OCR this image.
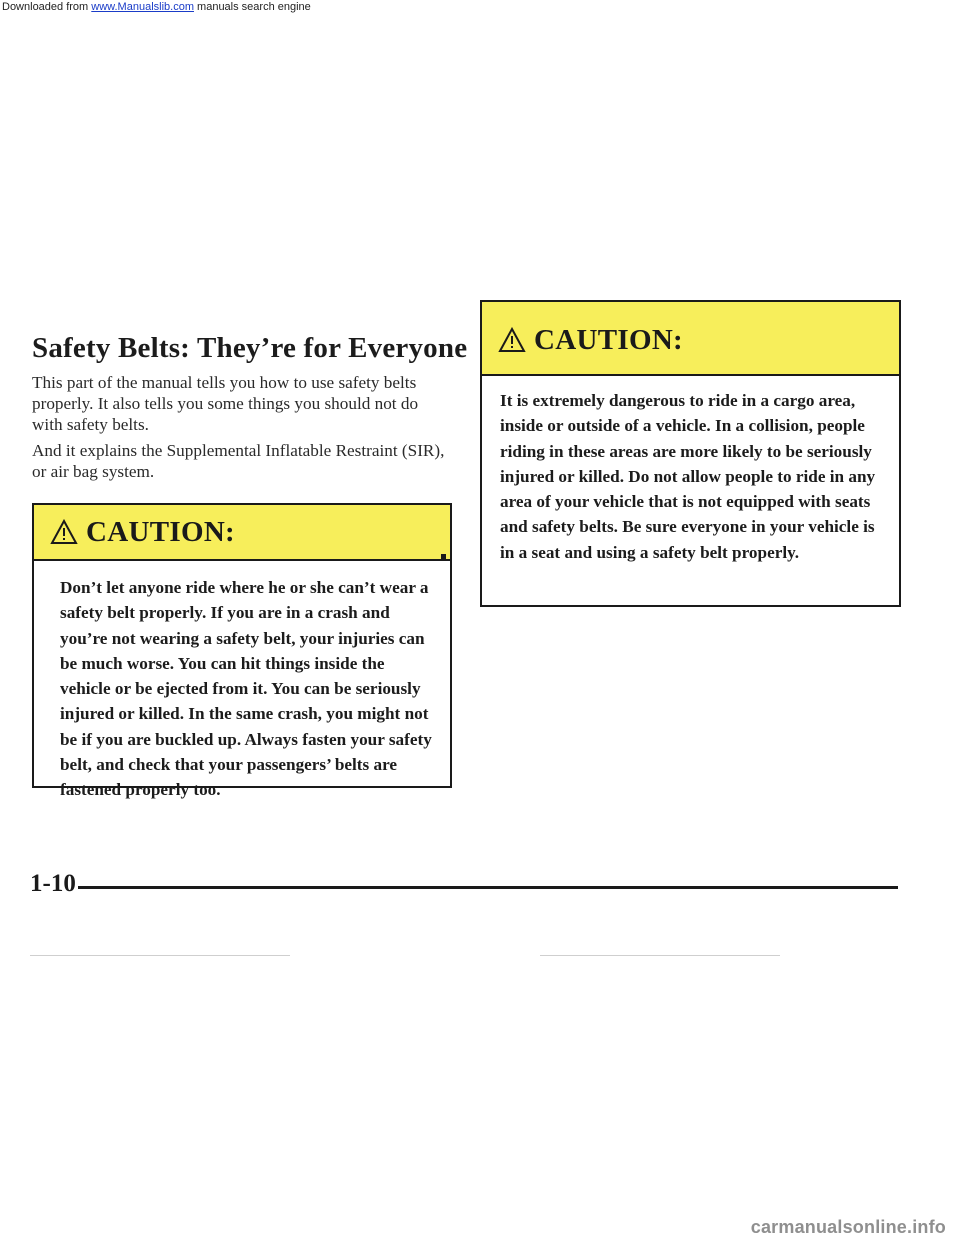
Downloaded from www.Manualslib.com manuals search engine
Safety Belts: They’re for Everyone

This part of the manual tells you how to use safety belts properly. It also tells you some things you should not do with safety belts.

And it explains the Supplemental Inflatable Restraint (SIR), or air bag system.

CAUTION:

Don’t let anyone ride where he or she can’t wear a safety belt properly. If you are in a crash and you’re not wearing a safety belt, your injuries can be much worse. You can hit things inside the vehicle or be ejected from it. You can be seriously injured or killed. In the same crash, you might not be if you are buckled up. Always fasten your safety belt, and check that your passengers’ belts are fastened properly too.

CAUTION:

It is extremely dangerous to ride in a cargo area, inside or outside of a vehicle. In a collision, people riding in these areas are more likely to be seriously injured or killed. Do not allow people to ride in any area of your vehicle that is not equipped with seats and safety belts. Be sure everyone in your vehicle is in a seat and using a safety belt properly.

1-10
carmanualsonline.info
